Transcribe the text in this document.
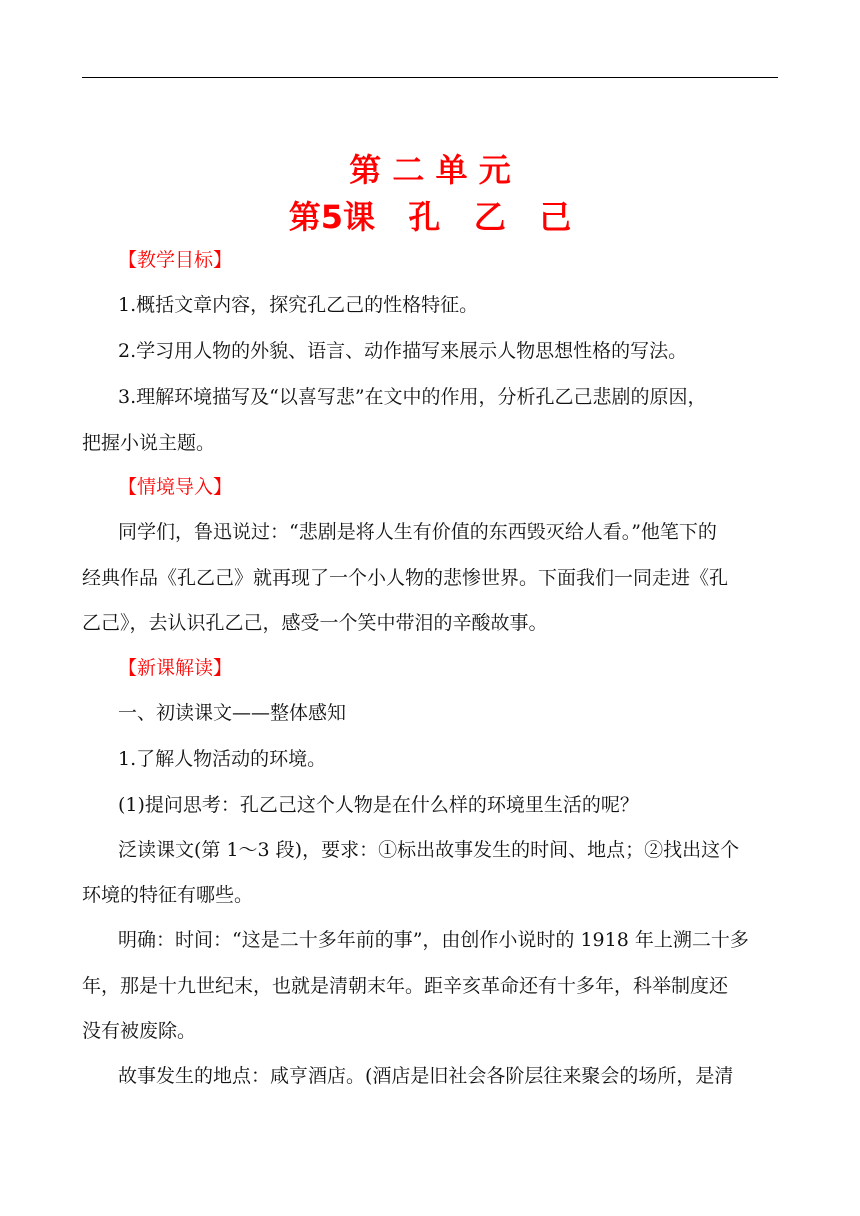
第 二 单 元
第5课   孔   乙   己
【教学目标】
1.概括文章内容，探究孔乙己的性格特征。
2.学习用人物的外貌、语言、动作描写来展示人物思想性格的写法。
3.理解环境描写及“以喜写悲”在文中的作用，分析孔乙己悲剧的原因，
把握小说主题。
【情境导入】
同学们，鲁迅说过：“悲剧是将人生有价值的东西毁灭给人看。”他笔下的
经典作品《孔乙己》就再现了一个小人物的悲惨世界。下面我们一同走进《孔
乙己》，去认识孔乙己，感受一个笑中带泪的辛酸故事。
【新课解读】
一、初读课文——整体感知
1.了解人物活动的环境。
(1)提问思考：孔乙己这个人物是在什么样的环境里生活的呢？
泛读课文(第 1～3 段)，要求：①标出故事发生的时间、地点；②找出这个
环境的特征有哪些。
明确：时间：“这是二十多年前的事”，由创作小说时的 1918 年上溯二十多
年，那是十九世纪末，也就是清朝末年。距辛亥革命还有十多年，科举制度还
没有被废除。
故事发生的地点：咸亨酒店。(酒店是旧社会各阶层往来聚会的场所，是清
